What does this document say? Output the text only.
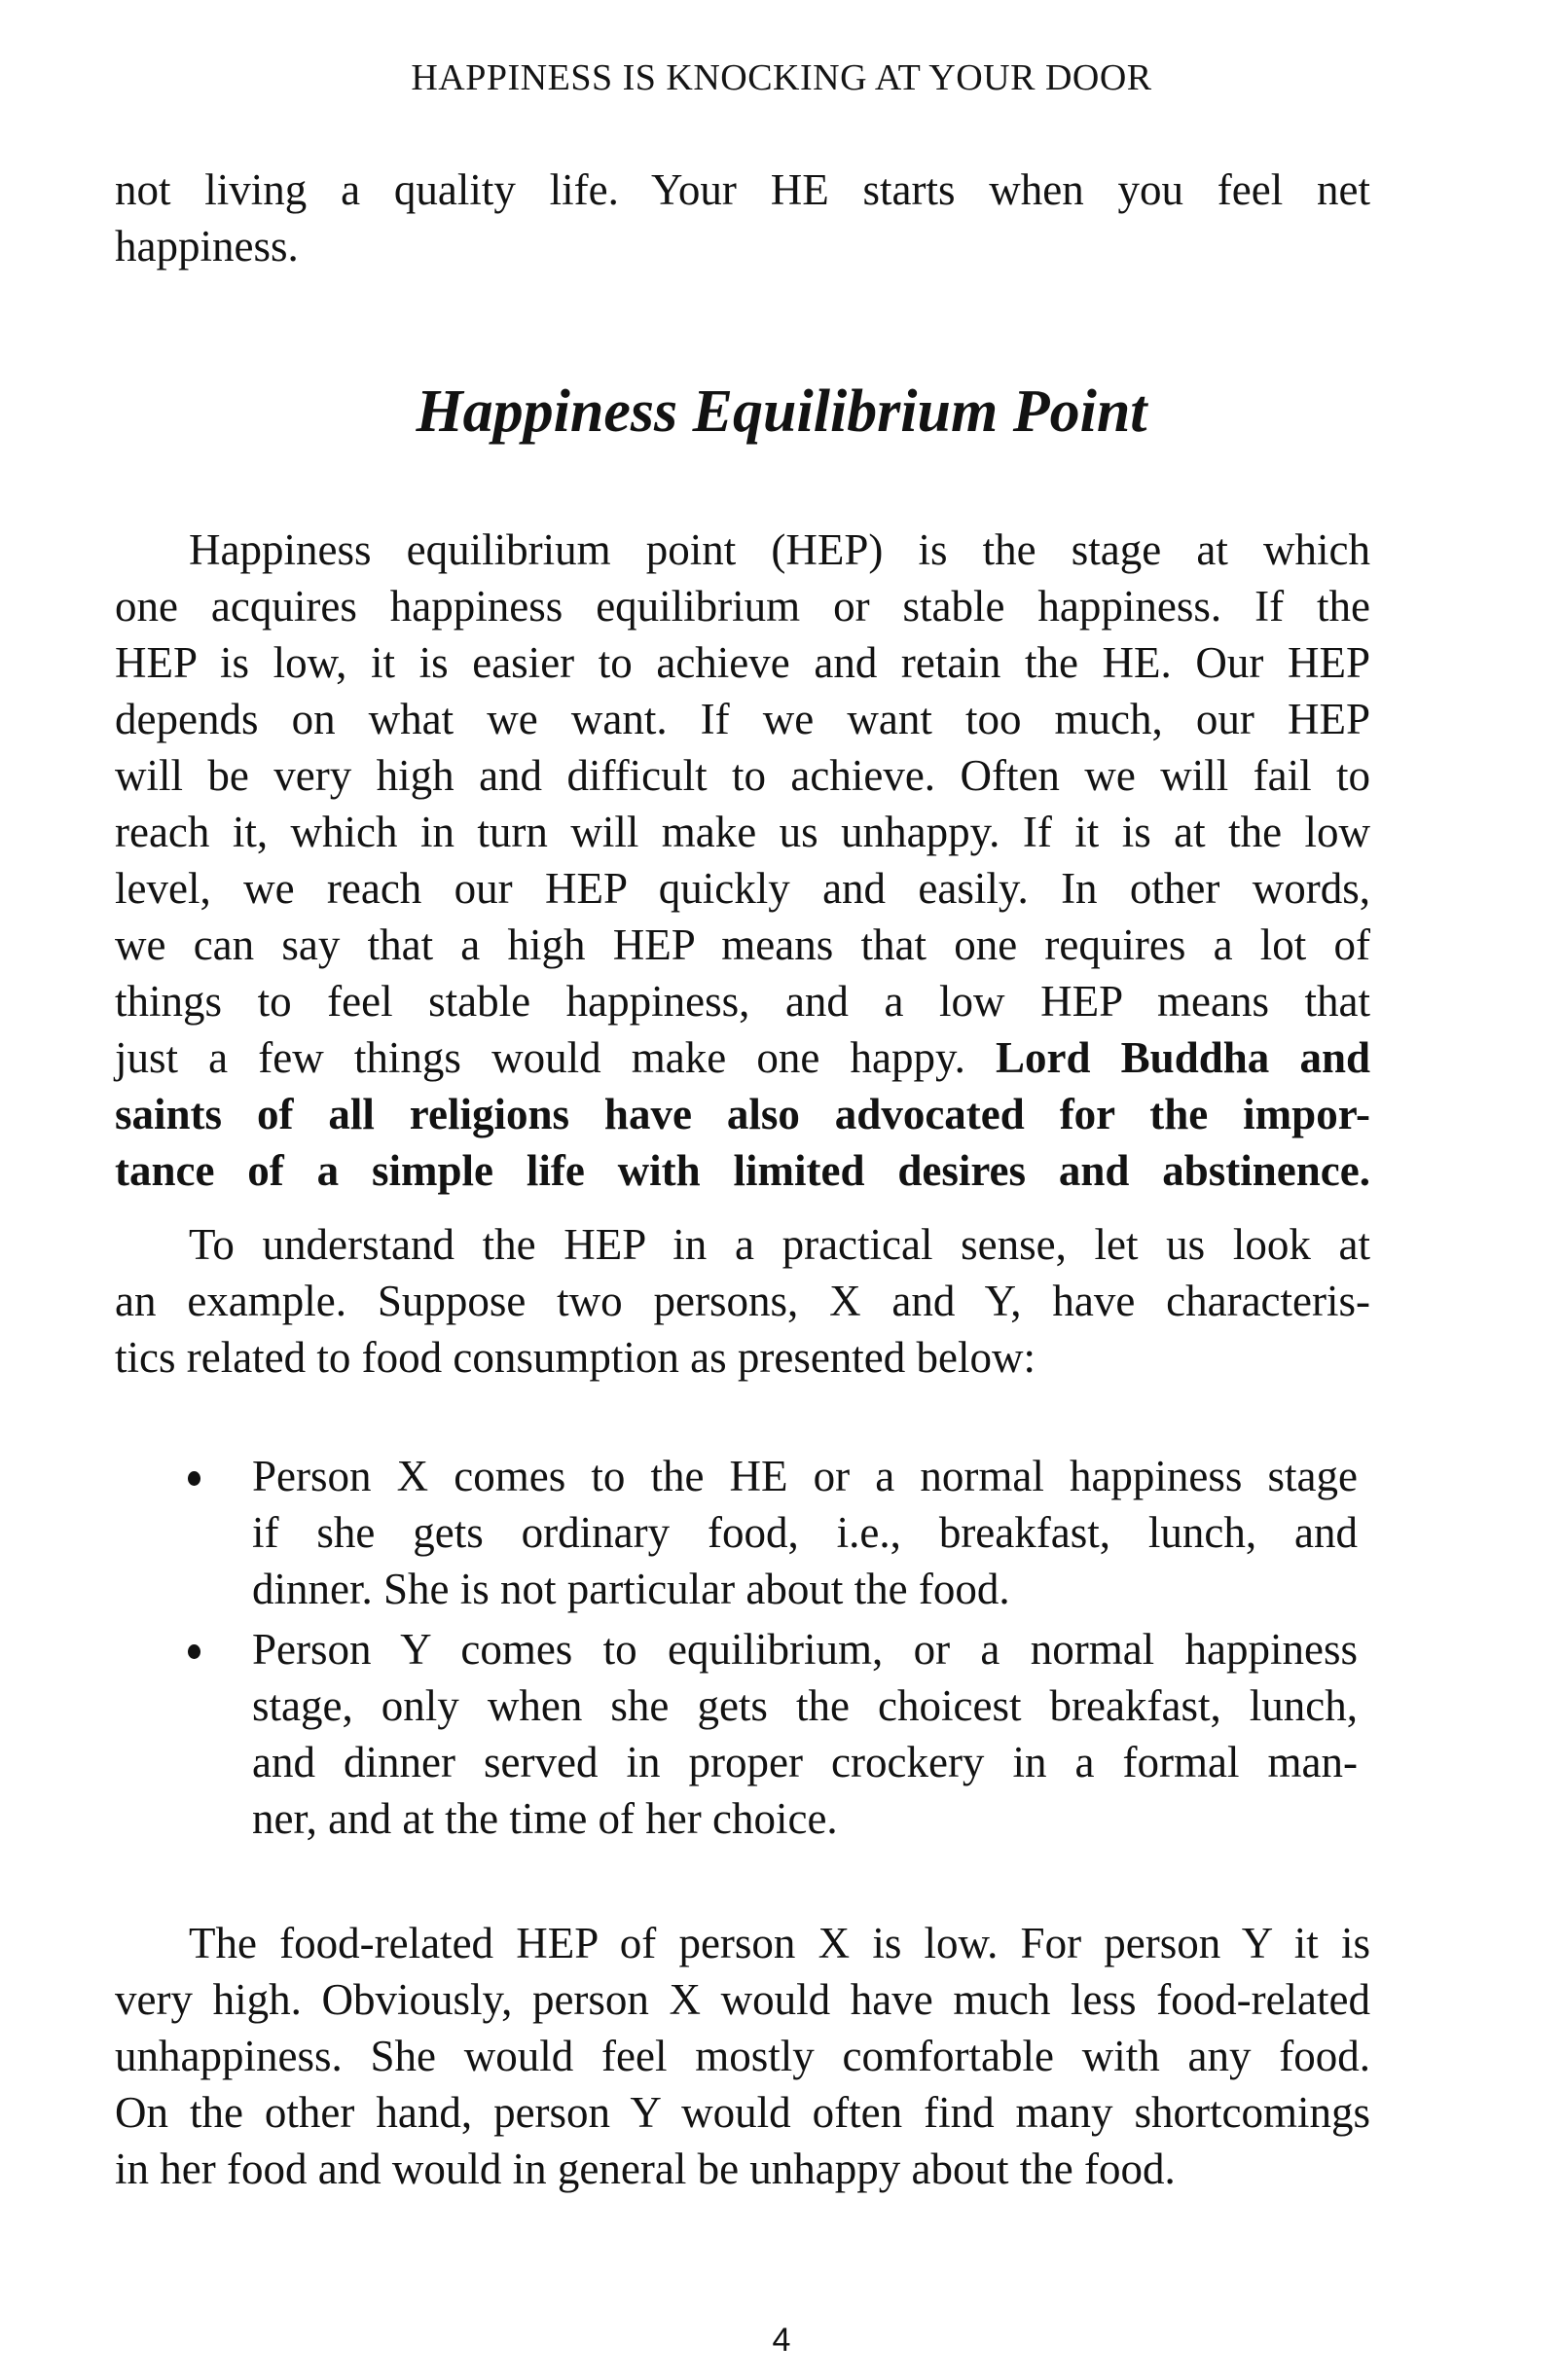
HAPPINESS IS KNOCKING AT YOUR DOOR
not living a quality life. Your HE starts when you feel net
happiness.
Happiness Equilibrium Point
Happiness equilibrium point (HEP) is the stage at which
one acquires happiness equilibrium or stable happiness. If the
HEP is low, it is easier to achieve and retain the HE. Our HEP
depends on what we want. If we want too much, our HEP
will be very high and difficult to achieve. Often we will fail to
reach it, which in turn will make us unhappy. If it is at the low
level, we reach our HEP quickly and easily. In other words,
we can say that a high HEP means that one requires a lot of
things to feel stable happiness, and a low HEP means that
just a few things would make one happy. Lord Buddha and
saints of all religions have also advocated for the impor-
tance of a simple life with limited desires and abstinence.
To understand the HEP in a practical sense, let us look at
an example. Suppose two persons, X and Y, have characteris-
tics related to food consumption as presented below:
Person X comes to the HE or a normal happiness stage
if she gets ordinary food, i.e., breakfast, lunch, and
dinner. She is not particular about the food.
Person Y comes to equilibrium, or a normal happiness
stage, only when she gets the choicest breakfast, lunch,
and dinner served in proper crockery in a formal man-
ner, and at the time of her choice.
The food-related HEP of person X is low. For person Y it is
very high. Obviously, person X would have much less food-related
unhappiness. She would feel mostly comfortable with any food.
On the other hand, person Y would often find many shortcomings
in her food and would in general be unhappy about the food.
4
